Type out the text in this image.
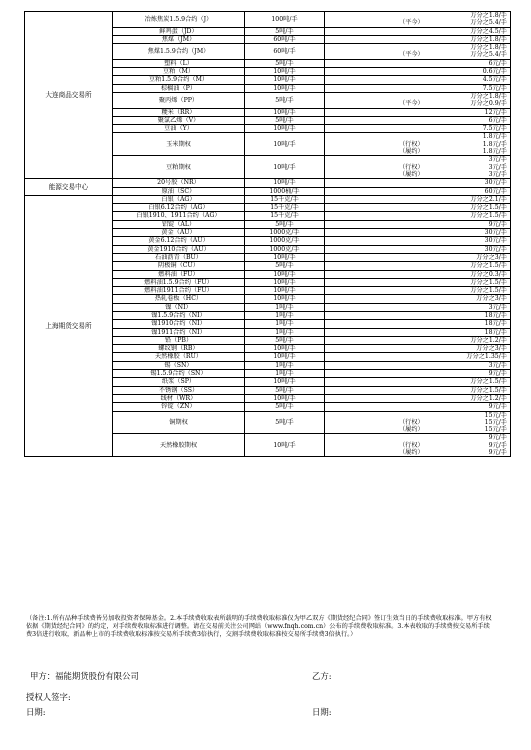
大连商品交易所	冶炼焦炭1.5.9合约（J）	100吨/手	万分之1.8/手
（平今） 万分之5.4/手

	鲜鸡蛋（JD）	5吨/手	万分之4.5/手

	焦煤（JM）	60吨/手	万分之1.8/手

	焦煤1.5.9合约（JM）	60吨/手	万分之1.8/手
（平今） 万分之5.4/手

	塑料（L）	5吨/手	6元/手

	豆粕（M）	10吨/手	0.6元/手

	豆粕1.5.9合约（M）	10吨/手	4.5元/手

	棕榈油（P）	10吨/手	7.5元/手

	聚丙烯（PP）	5吨/手	万分之1.8/手
（平今） 万分之0.9/手

	粳米（RR）	10吨/手	12元/手

	聚氯乙烯（V）	5吨/手	6元/手

	豆油（Y）	10吨/手	7.5元/手

	玉米期权	10吨/手	1.8元/手
（行权） 1.8元/手
（履约） 1.8元/手

	豆粕期权	10吨/手	3元/手
（行权） 3元/手
（履约） 3元/手

能源交易中心	20号胶（NR）	10吨/手	30元/手

	原油（SC）	1000桶/手	60元/手

上海期货交易所	白银（AG）	15千克/手	万分之2.1/手

	白银6.12合约（AG）	15千克/手	万分之1.5/手

	白银1910、1911合约（AG）	15千克/手	万分之1.5/手

	铝锭（AL）	5吨/手	9元/手

	黄金（AU）	1000克/手	30元/手

	黄金6.12合约（AU）	1000克/手	30元/手

	黄金1910合约（AU）	1000克/手	30元/手

	石油沥青（BU）	10吨/手	万分之3/手

	阴极铜（CU）	5吨/手	万分之1.5/手

	燃料油（FU）	10吨/手	万分之0.3/手

	燃料油1.5.9合约（FU）	10吨/手	万分之1.5/手

	燃料油1911合约（FU）	10吨/手	万分之1.5/手

	热轧卷板（HC）	10吨/手	万分之3/手

	镍（NI）	1吨/手	3元/手

	镍1.5.9合约（NI）	1吨/手	18元/手

	镍1910合约（NI）	1吨/手	18元/手

	镍1911合约（NI）	1吨/手	18元/手

	铅（PB）	5吨/手	万分之1.2/手

	螺纹钢（RB）	10吨/手	万分之3/手

	天然橡胶（RU）	10吨/手	万分之1.35/手

	锡（SN）	1吨/手	3元/手

	锡1.5.9合约（SN）	1吨/手	9元/手

	纸浆（SP）	10吨/手	万分之1.5/手

	不锈钢（SS）	5吨/手	万分之1.5/手

	线材（WR）	10吨/手	万分之1.2/手

	锌锭（ZN）	5吨/手	9元/手

	铜期权	5吨/手	15元/手
（行权） 15元/手
（履约） 15元/手

	天然橡胶期权	10吨/手	9元/手
（行权） 9元/手
（履约） 9元/手
（备注:1.所有品种手续费皆另加收投资者保障基金。2.本手续费收取表所载明的手续费收取标准仅为甲乙双方《期货经纪合同》签订生效当日的手续费收取标准。甲方有权依据《期货经纪合同》的约定，对手续费收取标准进行调整。请在交易前关注公司网站（www.fnqh.com.cn）公布的手续费收取标准。3.本表收取的手续费按交易所手续费3倍进行收取，新品种上市的手续费收取标准按交易所手续费3倍执行，交割手续费收取标准按交易所手续费3倍执行。）
甲方：福能期货股份有限公司	乙方:
授权人签字:
日期:	日期:
